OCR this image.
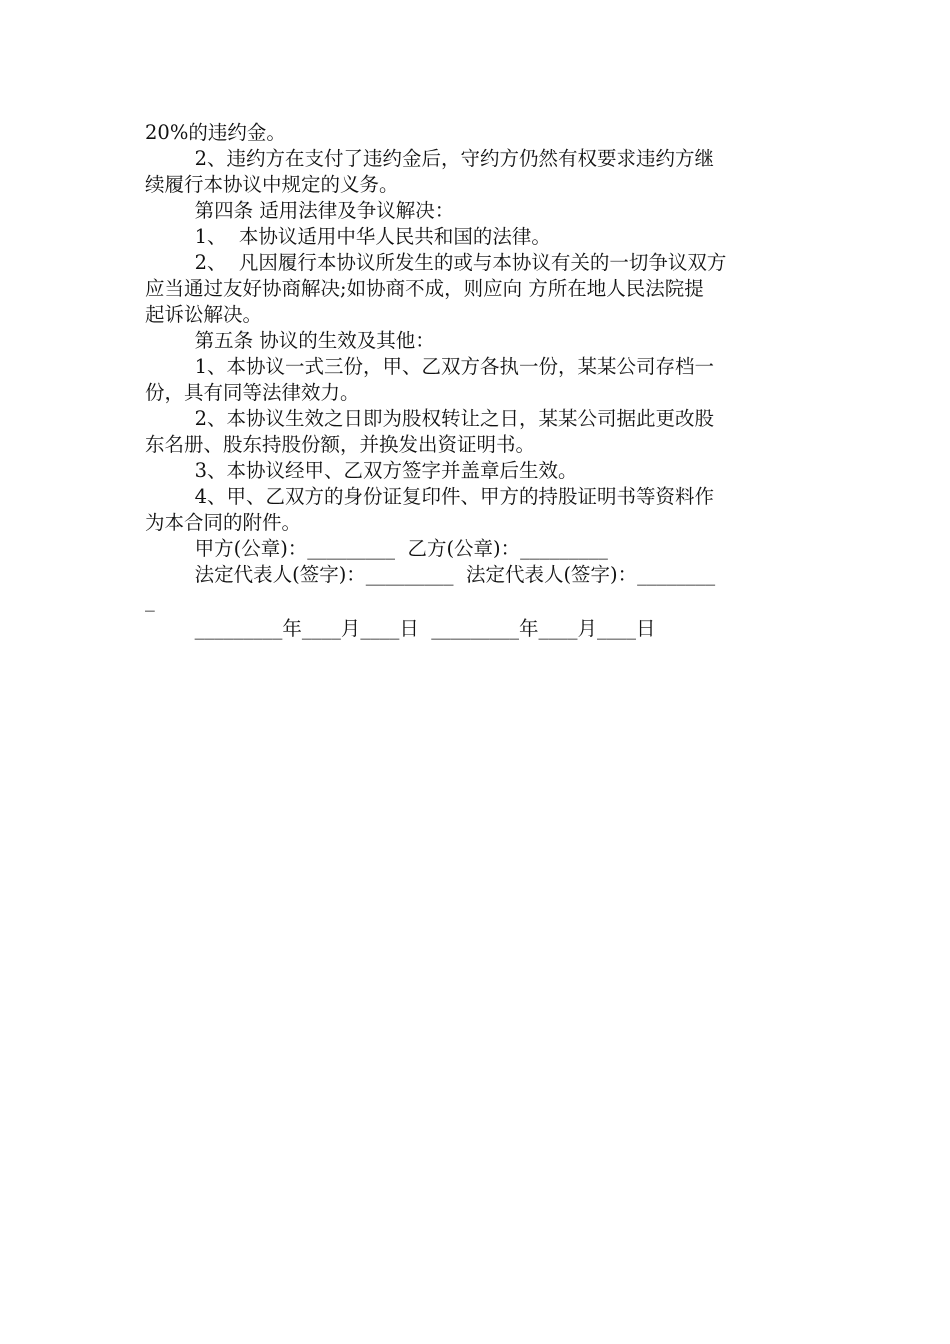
20%的违约金。
2、违约方在支付了违约金后，守约方仍然有权要求违约方继
续履行本协议中规定的义务。
第四条 适用法律及争议解决：
1、  本协议适用中华人民共和国的法律。
2、  凡因履行本协议所发生的或与本协议有关的一切争议双方
应当通过友好协商解决;如协商不成，则应向 方所在地人民法院提
起诉讼解决。
第五条 协议的生效及其他：
1、本协议一式三份，甲、乙双方各执一份，某某公司存档一
份，具有同等法律效力。
2、本协议生效之日即为股权转让之日，某某公司据此更改股
东名册、股东持股份额，并换发出资证明书。
3、本协议经甲、乙双方签字并盖章后生效。
4、甲、乙双方的身份证复印件、甲方的持股证明书等资料作
为本合同的附件。
甲方(公章)：_________  乙方(公章)：_________
法定代表人(签字)：_________  法定代表人(签字)：________
_
_________年____月____日  _________年____月____日
